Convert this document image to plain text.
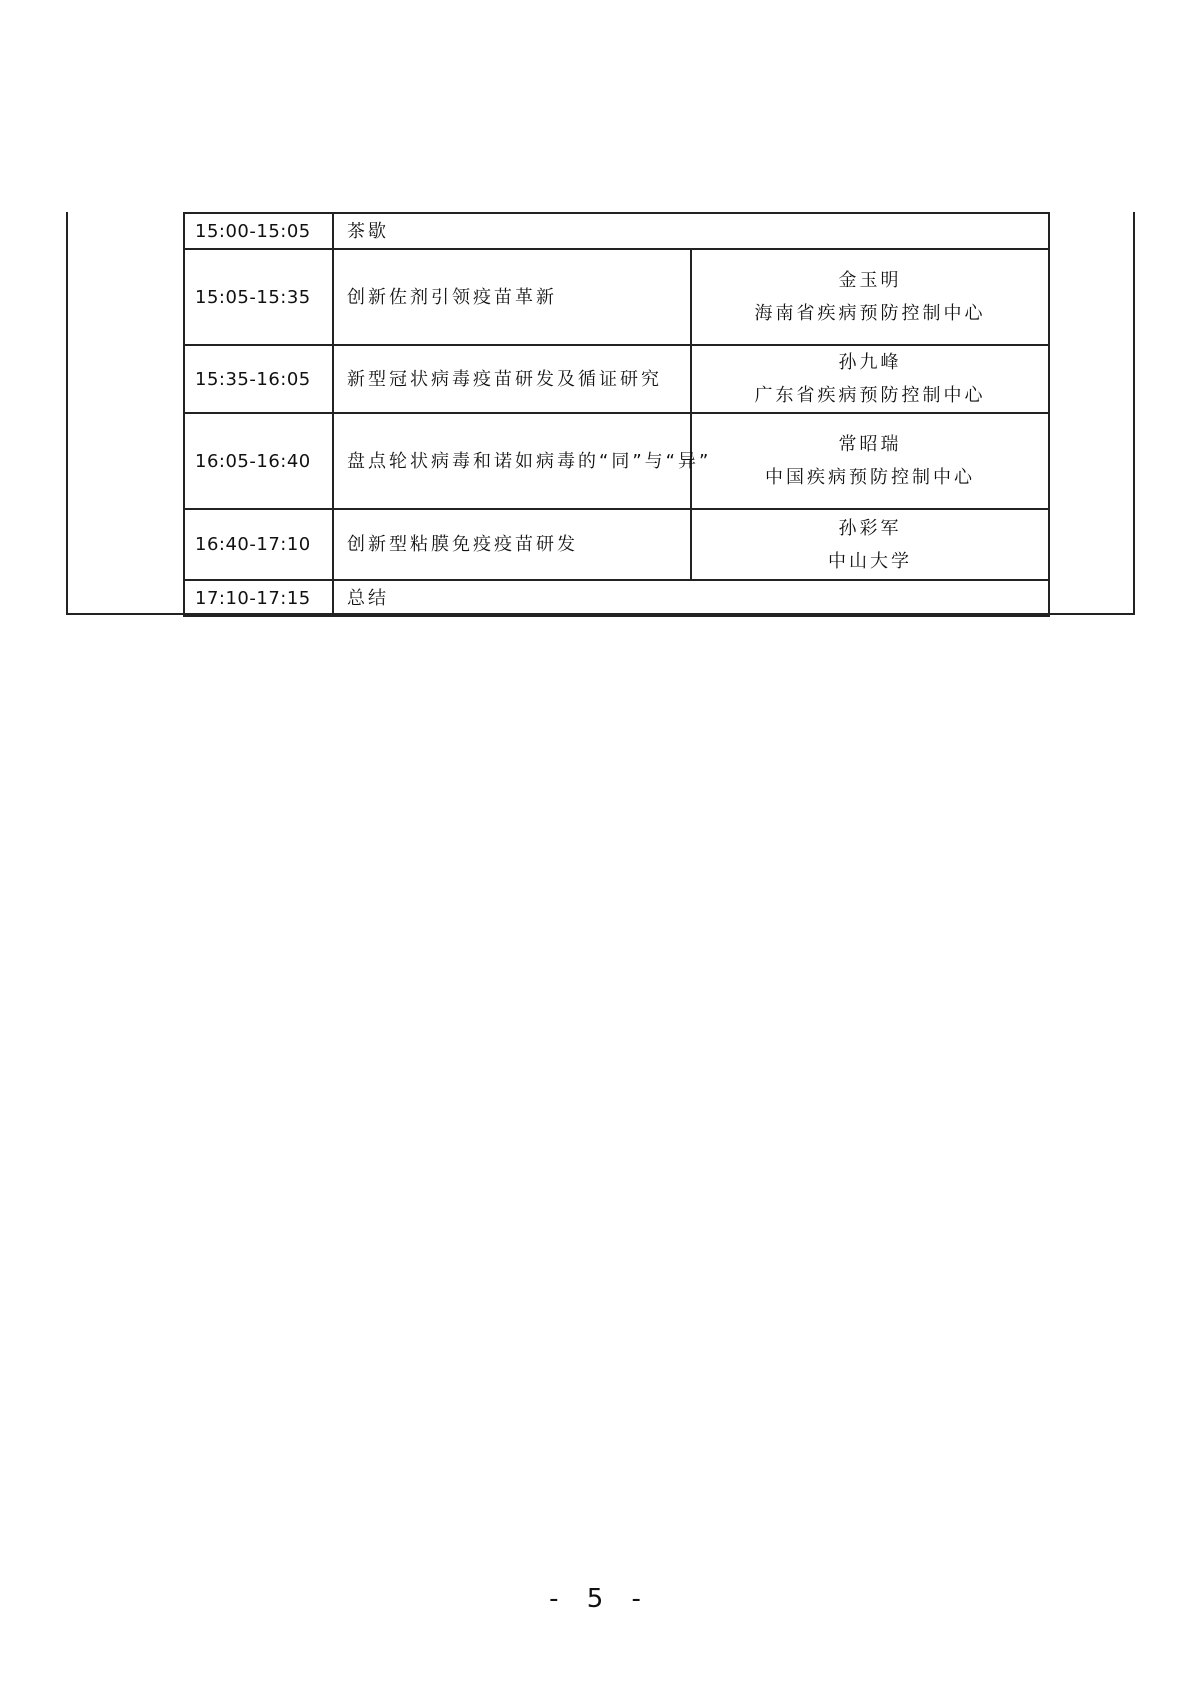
15:00-15:05	茶歇	
15:05-15:35	创新佐剂引领疫苗革新	金玉明
海南省疾病预防控制中心

15:35-16:05	新型冠状病毒疫苗研发及循证研究	孙九峰
广东省疾病预防控制中心

16:05-16:40	盘点轮状病毒和诺如病毒的“同”与“异”	常昭瑞
中国疾病预防控制中心

16:40-17:10	创新型粘膜免疫疫苗研发	孙彩军
中山大学

17:10-17:15	总结	
- 5 -
